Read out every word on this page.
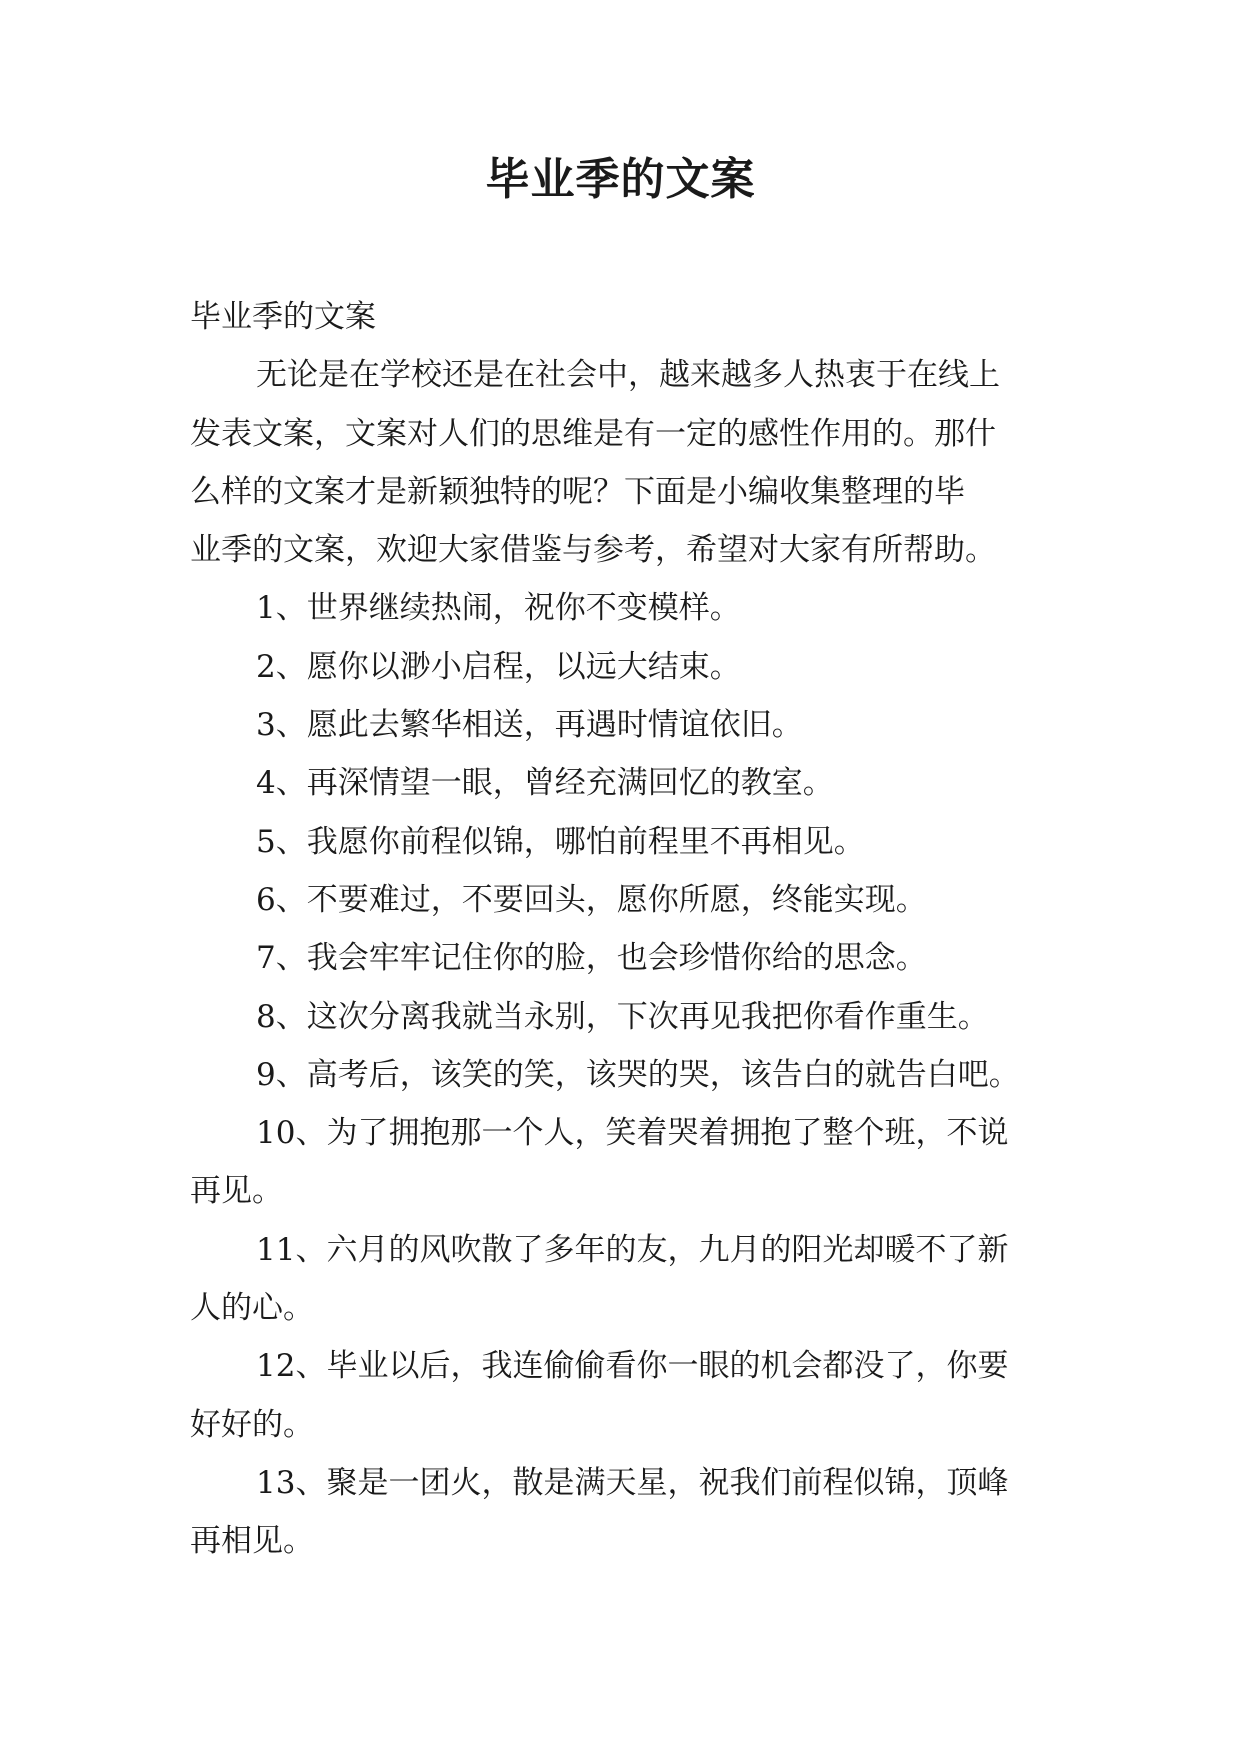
毕业季的文案

毕业季的文案

无论是在学校还是在社会中，越来越多人热衷于在线上

发表文案，文案对人们的思维是有一定的感性作用的。那什

么样的文案才是新颖独特的呢？下面是小编收集整理的毕

业季的文案，欢迎大家借鉴与参考，希望对大家有所帮助。

1、世界继续热闹，祝你不变模样。

2、愿你以渺小启程，以远大结束。

3、愿此去繁华相送，再遇时情谊依旧。

4、再深情望一眼，曾经充满回忆的教室。

5、我愿你前程似锦，哪怕前程里不再相见。

6、不要难过，不要回头，愿你所愿，终能实现。

7、我会牢牢记住你的脸，也会珍惜你给的思念。

8、这次分离我就当永别，下次再见我把你看作重生。

9、高考后，该笑的笑，该哭的哭，该告白的就告白吧。

10、为了拥抱那一个人，笑着哭着拥抱了整个班，不说

再见。

11、六月的风吹散了多年的友，九月的阳光却暖不了新

人的心。

12、毕业以后，我连偷偷看你一眼的机会都没了，你要

好好的。

13、聚是一团火，散是满天星，祝我们前程似锦，顶峰

再相见。
